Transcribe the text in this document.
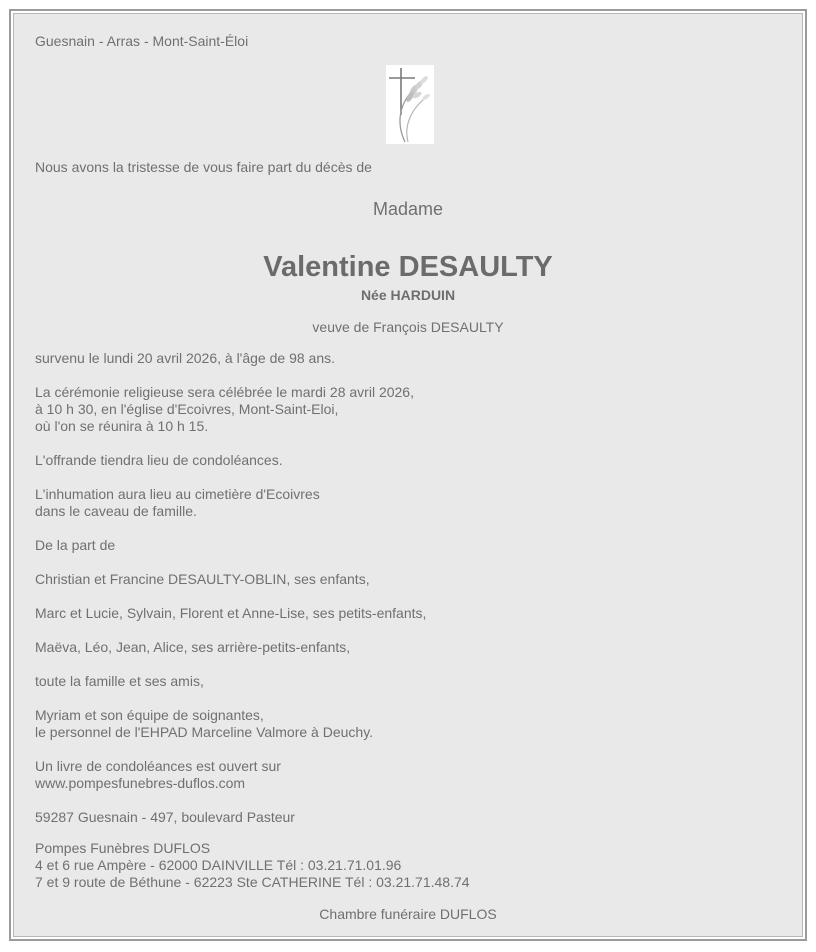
Guesnain - Arras - Mont-Saint-Éloi
Nous avons la tristesse de vous faire part du décès de
Madame
Valentine DESAULTY
Née HARDUIN
veuve de François DESAULTY
survenu le lundi 20 avril 2026, à l'âge de 98 ans.
La cérémonie religieuse sera célébrée le mardi 28 avril 2026,
à 10 h 30, en l'église d'Ecoivres, Mont-Saint-Eloi,
où l'on se réunira à 10 h 15.
L'offrande tiendra lieu de condoléances.
L'inhumation aura lieu au cimetière d'Ecoivres
dans le caveau de famille.
De la part de
Christian et Francine DESAULTY-OBLIN, ses enfants,
Marc et Lucie, Sylvain, Florent et Anne-Lise, ses petits-enfants,
Maëva, Léo, Jean, Alice, ses arrière-petits-enfants,
toute la famille et ses amis,
Myriam et son équipe de soignantes,
le personnel de l'EHPAD Marceline Valmore à Deuchy.
Un livre de condoléances est ouvert sur
www.pompesfunebres-duflos.com
59287 Guesnain - 497, boulevard Pasteur
Pompes Funèbres DUFLOS
4 et 6 rue Ampère - 62000 DAINVILLE Tél : 03.21.71.01.96
7 et 9 route de Béthune - 62223 Ste CATHERINE Tél : 03.21.71.48.74
Chambre funéraire DUFLOS
